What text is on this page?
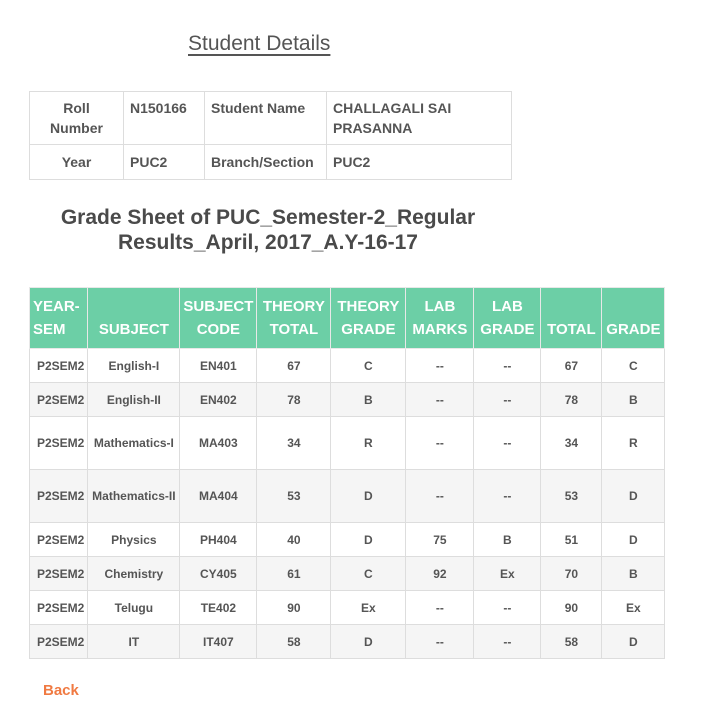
Student Details
Roll Number	N150166	Student Name	CHALLAGALI SAI PRASANNA
Year	PUC2	Branch/Section	PUC2
Grade Sheet of PUC_Semester-2_Regular
Results_April, 2017_A.Y-16-17
YEAR-SEM	SUBJECT	SUBJECT CODE	THEORY TOTAL	THEORY GRADE	LAB MARKS	LAB GRADE	TOTAL	GRADE
P2SEM2	English-I	EN401	67	C	--	--	67	C
P2SEM2	English-II	EN402	78	B	--	--	78	B
P2SEM2	Mathematics-I	MA403	34	R	--	--	34	R
P2SEM2	Mathematics-II	MA404	53	D	--	--	53	D
P2SEM2	Physics	PH404	40	D	75	B	51	D
P2SEM2	Chemistry	CY405	61	C	92	Ex	70	B
P2SEM2	Telugu	TE402	90	Ex	--	--	90	Ex
P2SEM2	IT	IT407	58	D	--	--	58	D
Back
